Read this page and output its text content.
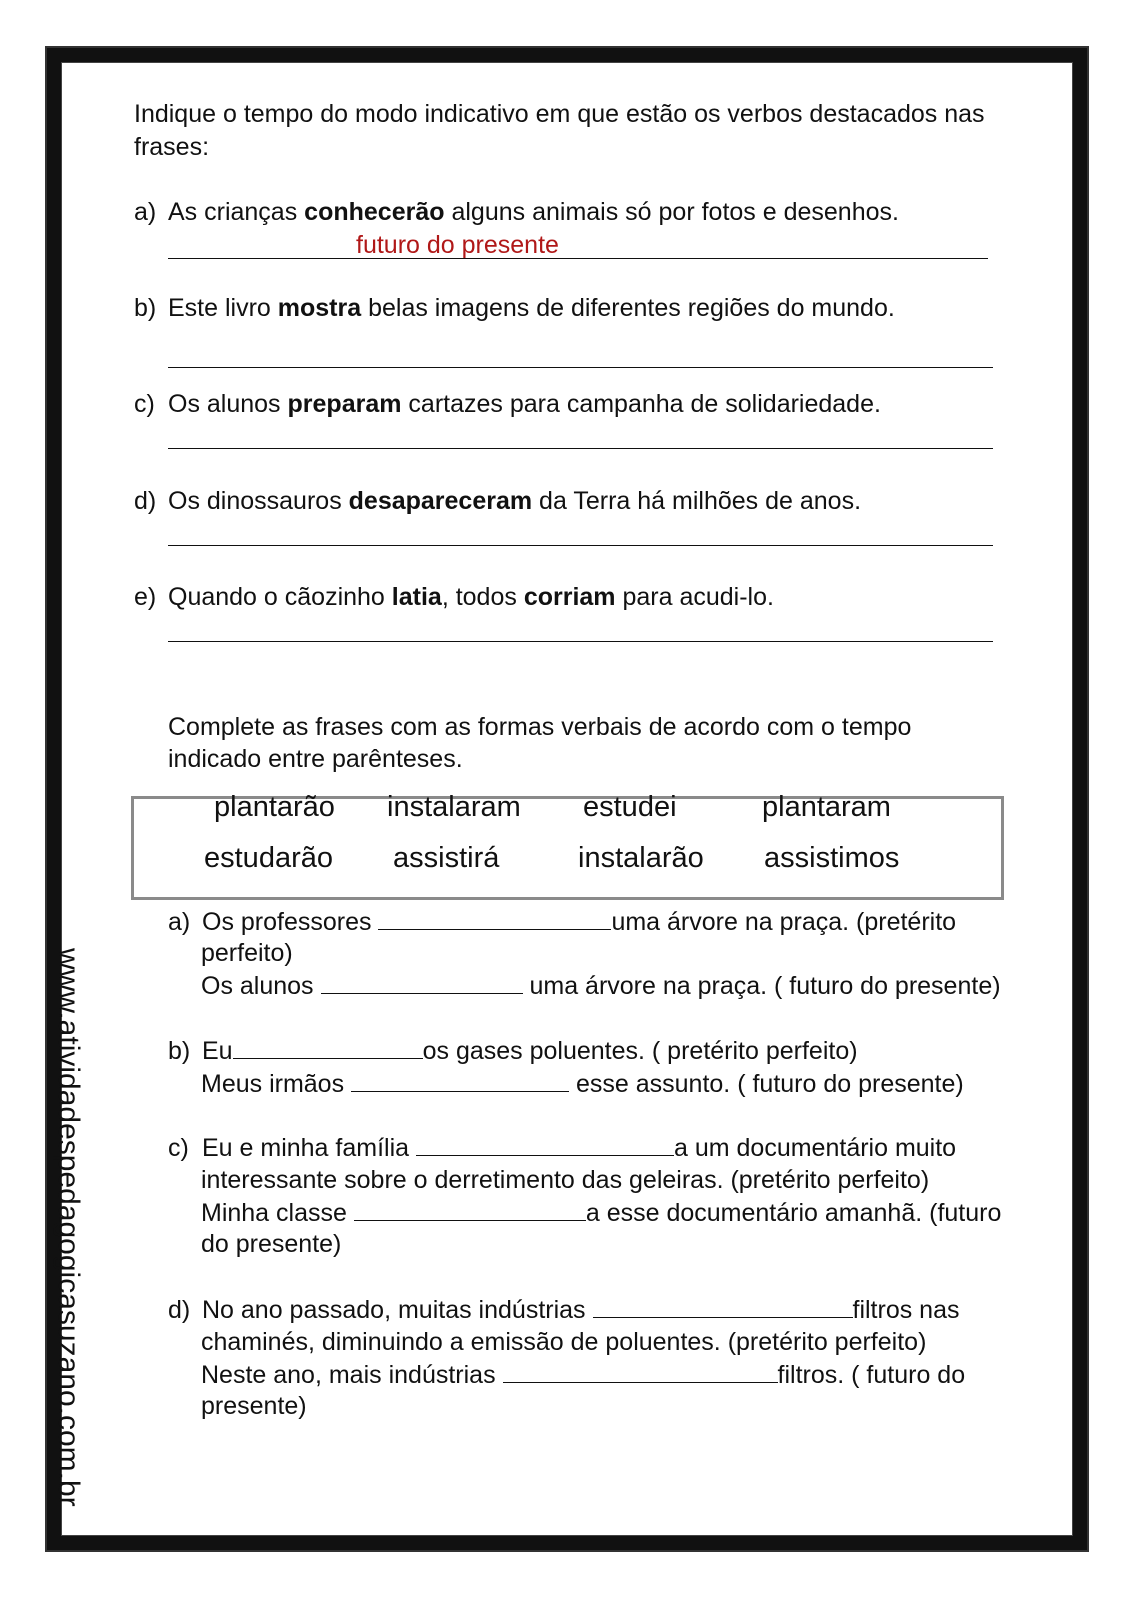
www.atividadespedagogicasuzano.com.br
Indique o tempo do modo indicativo em que estão os verbos destacados nas
frases:
a) As crianças conhecerão alguns animais só por fotos e desenhos.
futuro do presente
b) Este livro mostra belas imagens de diferentes regiões do mundo.
c) Os alunos preparam cartazes para campanha de solidariedade.
d) Os dinossauros desapareceram da Terra há milhões de anos.
e) Quando o cãozinho latia, todos corriam para acudi-lo.
Complete as frases com as formas verbais de acordo com o tempo
indicado entre parênteses.
plantarão instalaram estudei	plantaram
estudarão assistirá	instalarão assistimos
a) Os professores	uma árvore na praça. (pretérito
perfeito)
Os alunos	uma árvore na praça. ( futuro do presente)
b) Eu	os gases poluentes. ( pretérito perfeito)
Meus irmãos	esse assunto. ( futuro do presente)
c) Eu e minha família	a um documentário muito
interessante sobre o derretimento das geleiras. (pretérito perfeito)
Minha classe	a esse documentário amanhã. (futuro
do presente)
d) No ano passado, muitas indústrias	filtros nas
chaminés, diminuindo a emissão de poluentes. (pretérito perfeito)
Neste ano, mais indústrias	filtros. ( futuro do
presente)
